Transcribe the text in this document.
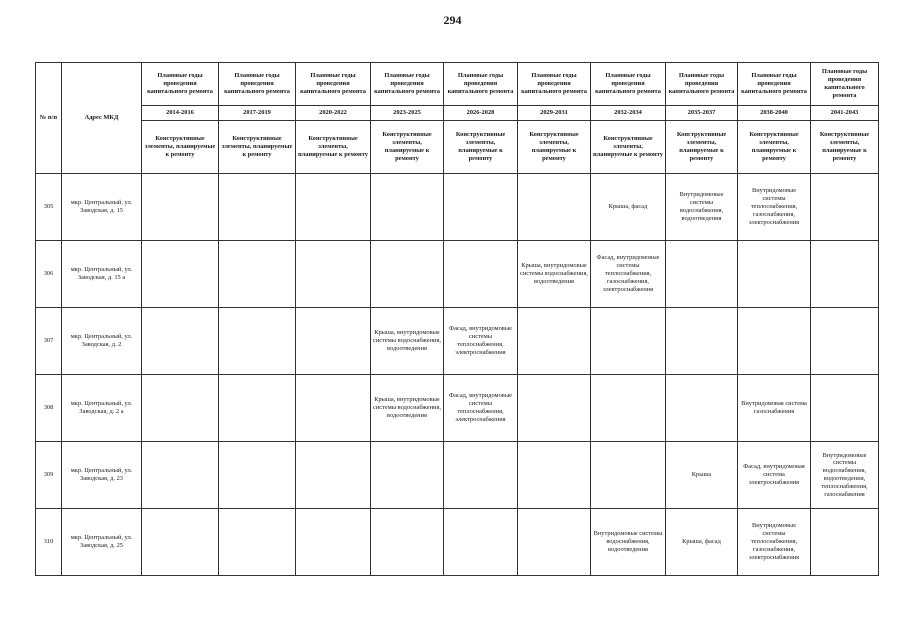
294
№ п/п	Адрес МКД	Плановые годы проведения капитального ремонта	Плановые годы проведения капитального ремонта	Плановые годы проведения капитального ремонта	Плановые годы проведения капитального ремонта	Плановые годы проведения капитального ремонта	Плановые годы проведения капитального ремонта	Плановые годы проведения капитального ремонта	Плановые годы проведения капитального ремонта	Плановые годы проведения капитального ремонта	Плановые годы проведения капитального ремонта
		2014-2016	2017-2019	2020-2022	2023-2025	2026-2028	2029-2031	2032-2034	2035-2037	2038-2040	2041-2043
		Конструктивные элементы, планируемые к ремонту	Конструктивные элементы, планируемые к ремонту	Конструктивные элементы, планируемые к ремонту	Конструктивные элементы, планируемые к ремонту	Конструктивные элементы, планируемые к ремонту	Конструктивные элементы, планируемые к ремонту	Конструктивные элементы, планируемые к ремонту	Конструктивные элементы, планируемые к ремонту	Конструктивные элементы, планируемые к ремонту	Конструктивные элементы, планируемые к ремонту
305	мкр. Центральный, ул. Заводская, д. 15							Крыша, фасад	Внутридомовые системы водоснабжения, водоотведения	Внутридомовые системы теплоснабжения, газоснабжения, электроснабжения	
306	мкр. Центральный, ул. Заводская, д. 15 а						Крыша, внутридомовые системы водоснабжения, водоотведения	Фасад, внутридомовые системы теплоснабжения, газоснабжения, электроснабжения			
307	мкр. Центральный, ул. Заводская, д. 2				Крыша, внутридомовые системы водоснабжения, водоотведения	Фасад, внутридомовые системы теплоснабжения, электроснабжения					
308	мкр. Центральный, ул. Заводская, д. 2 а				Крыша, внутридомовые системы водоснабжения, водоотведения	Фасад, внутридомовые системы теплоснабжения, электроснабжения				Внутридомовая система газоснабжения	
309	мкр. Центральный, ул. Заводская, д. 23								Крыша	Фасад, внутридомовая система электроснабжения	Внутридомовые системы водоснабжения, водоотведения, теплоснабжения, газоснабжения
310	мкр. Центральный, ул. Заводская, д. 25							Внутридомовые системы водоснабжения, водоотведения	Крыша, фасад	Внутридомовые системы теплоснабжения, газоснабжения, электроснабжения	
